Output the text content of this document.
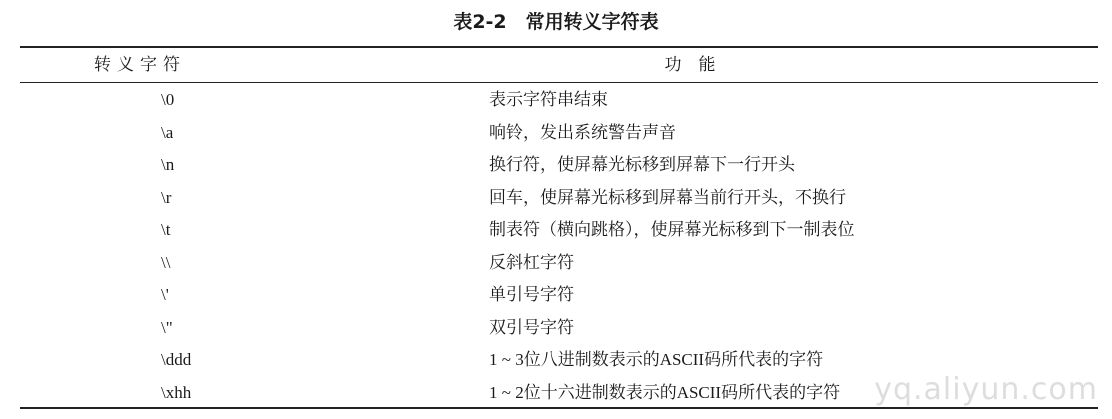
表2-2　常用转义字符表
转义字符	功　能
\0	表示字符串结束
\a	响铃，发出系统警告声音
\n	换行符，使屏幕光标移到屏幕下一行开头
\r	回车，使屏幕光标移到屏幕当前行开头，不换行
\t	制表符（横向跳格），使屏幕光标移到下一制表位
\\	反斜杠字符
\'	单引号字符
\"	双引号字符
\ddd	1 ~ 3位八进制数表示的ASCII码所代表的字符
\xhh	1 ~ 2位十六进制数表示的ASCII码所代表的字符 yq.aliyun.com
